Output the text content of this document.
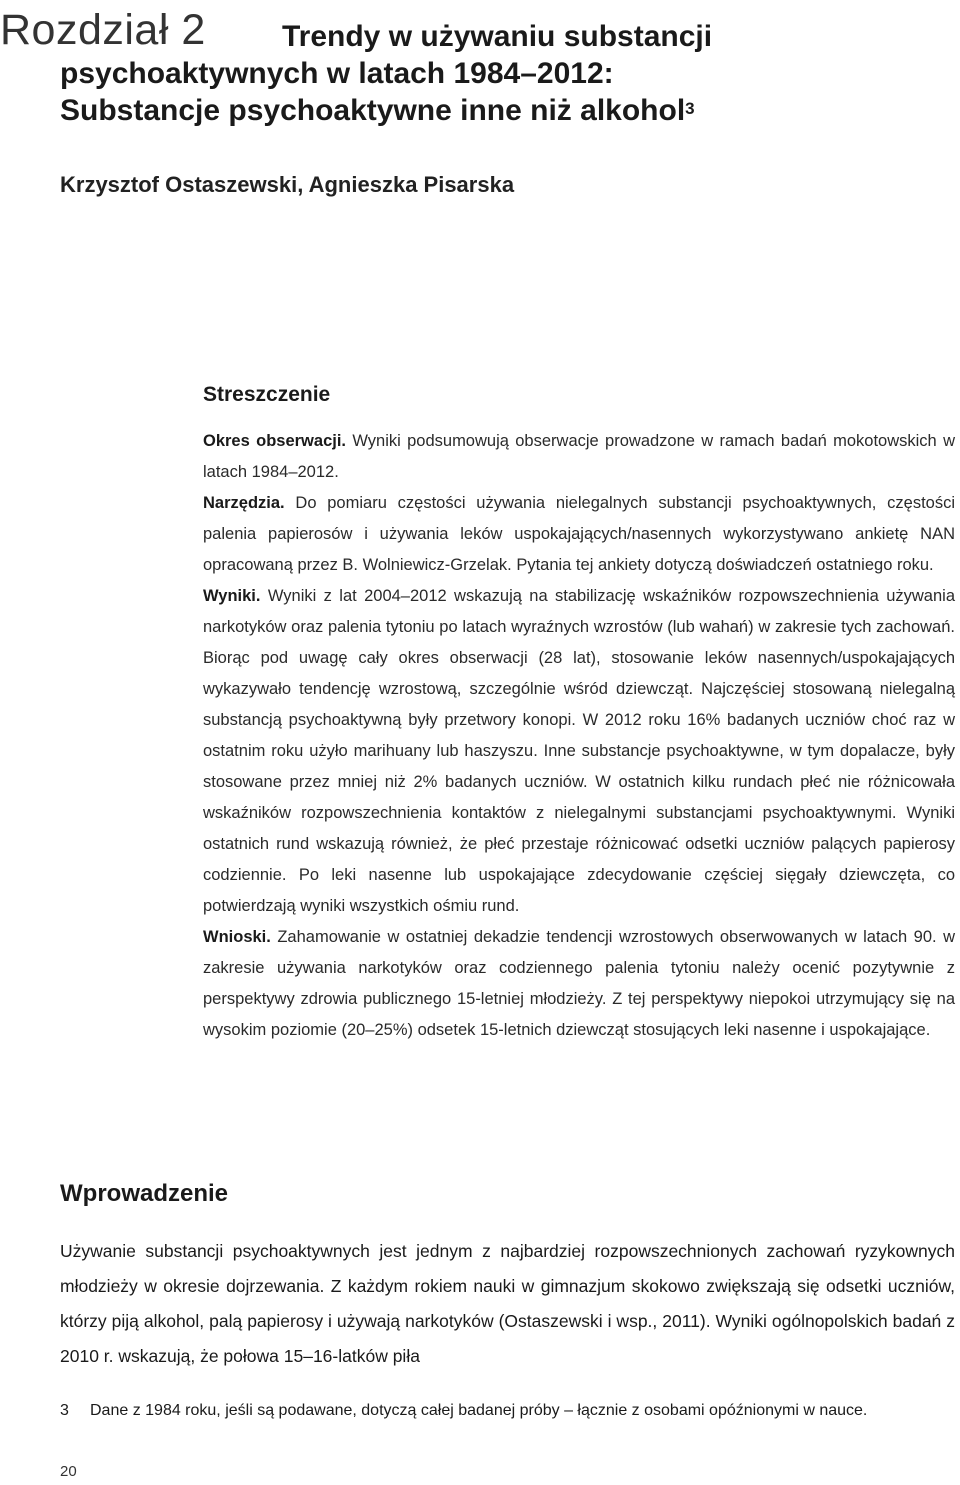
Rozdział 2	Trendy w używaniu substancji psychoaktywnych w latach 1984–2012: Substancje psychoaktywne inne niż alkohol$^3$
Krzysztof Ostaszewski, Agnieszka Pisarska
Streszczenie

Okres obserwacji. Wyniki podsumowują obserwacje prowadzone w ramach badań mokotowskich w latach 1984–2012.

Narzędzia. Do pomiaru częstości używania nielegalnych substancji psychoaktywnych, częstości palenia papierosów i używania leków uspokajających/nasennych wykorzystywano ankietę NAN opracowaną przez B. Wolniewicz-Grzelak. Pytania tej ankiety dotyczą doświadczeń ostatniego roku.

Wyniki. Wyniki z lat 2004–2012 wskazują na stabilizację wskaźników rozpowszechnienia używania narkotyków oraz palenia tytoniu po latach wyraźnych wzrostów (lub wahań) w zakresie tych zachowań. Biorąc pod uwagę cały okres obserwacji (28 lat), stosowanie leków nasennych/uspokajających wykazywało tendencję wzrostową, szczególnie wśród dziewcząt. Najczęściej stosowaną nielegalną substancją psychoaktywną były przetwory konopi. W 2012 roku 16% badanych uczniów choć raz w ostatnim roku użyło marihuany lub haszyszu. Inne substancje psychoaktywne, w tym dopalacze, były stosowane przez mniej niż 2% badanych uczniów. W ostatnich kilku rundach płeć nie różnicowała wskaźników rozpowszechnienia kontaktów z nielegalnymi substancjami psychoaktywnymi. Wyniki ostatnich rund wskazują również, że płeć przestaje różnicować odsetki uczniów palących papierosy codziennie. Po leki nasenne lub uspokajające zdecydowanie częściej sięgały dziewczęta, co potwierdzają wyniki wszystkich ośmiu rund.

Wnioski. Zahamowanie w ostatniej dekadzie tendencji wzrostowych obserwowanych w latach 90. w zakresie używania narkotyków oraz codziennego palenia tytoniu należy ocenić pozytywnie z perspektywy zdrowia publicznego 15-letniej młodzieży. Z tej perspektywy niepokoi utrzymujący się na wysokim poziomie (20–25%) odsetek 15-letnich dziewcząt stosujących leki nasenne i uspokajające.

Wprowadzenie

Używanie substancji psychoaktywnych jest jednym z najbardziej rozpowszechnionych zachowań ryzykownych młodzieży w okresie dojrzewania. Z każdym rokiem nauki w gimnazjum skokowo zwiększają się odsetki uczniów, którzy piją alkohol, palą papierosy i używają narkotyków (Ostaszewski i wsp., 2011). Wyniki ogólnopolskich badań z 2010 r. wskazują, że połowa 15–16-latków piła

3 Dane z 1984 roku, jeśli są podawane, dotyczą całej badanej próby – łącznie z osobami opóźnionymi w nauce.
20
